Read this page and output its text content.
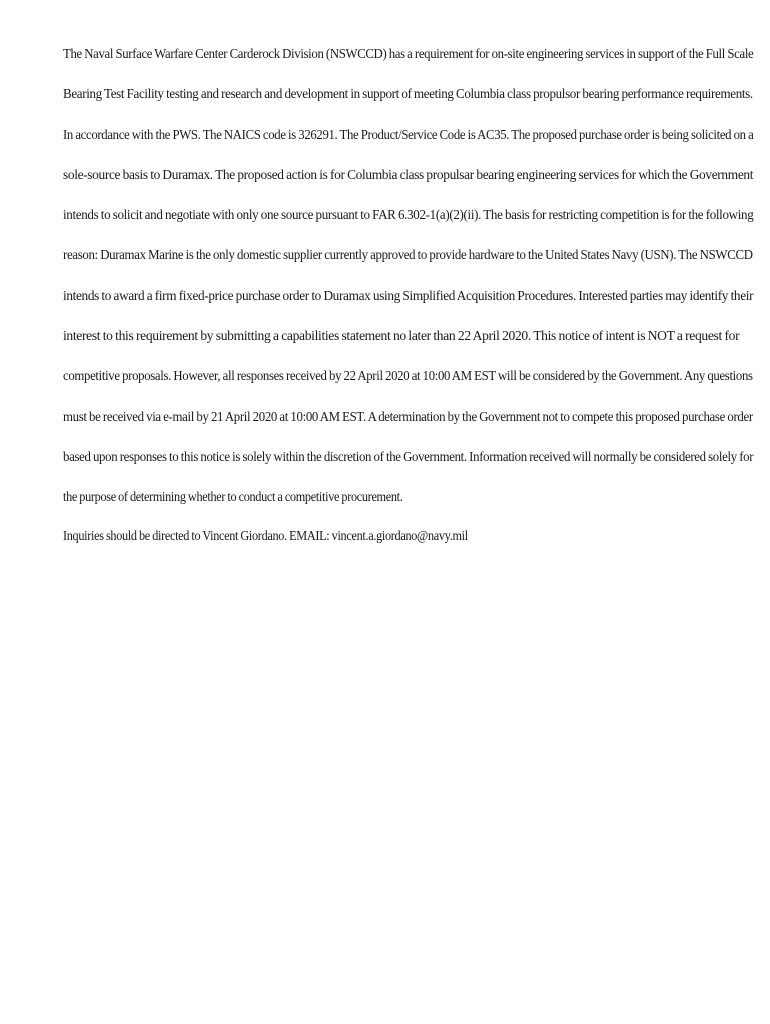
The Naval Surface Warfare Center Carderock Division (NSWCCD) has a requirement for on-site engineering services in support of the Full Scale
Bearing Test Facility testing and research and development in support of meeting Columbia class propulsor bearing performance requirements.
In accordance with the PWS. The NAICS code is 326291. The Product/Service Code is AC35. The proposed purchase order is being solicited on a
sole-source basis to Duramax. The proposed action is for Columbia class propulsar bearing engineering services for which the Government
intends to solicit and negotiate with only one source pursuant to FAR 6.302-1(a)(2)(ii). The basis for restricting competition is for the following
reason: Duramax Marine is the only domestic supplier currently approved to provide hardware to the United States Navy (USN). The NSWCCD
intends to award a firm fixed-price purchase order to Duramax using Simplified Acquisition Procedures. Interested parties may identify their
interest to this requirement by submitting a capabilities statement no later than 22 April 2020. This notice of intent is NOT a request for
competitive proposals. However, all responses received by 22 April 2020 at 10:00 AM EST will be considered by the Government. Any questions
must be received via e-mail by 21 April 2020 at 10:00 AM EST. A determination by the Government not to compete this proposed purchase order
based upon responses to this notice is solely within the discretion of the Government. Information received will normally be considered solely for
the purpose of determining whether to conduct a competitive procurement.
Inquiries should be directed to Vincent Giordano. EMAIL: vincent.a.giordano@navy.mil
